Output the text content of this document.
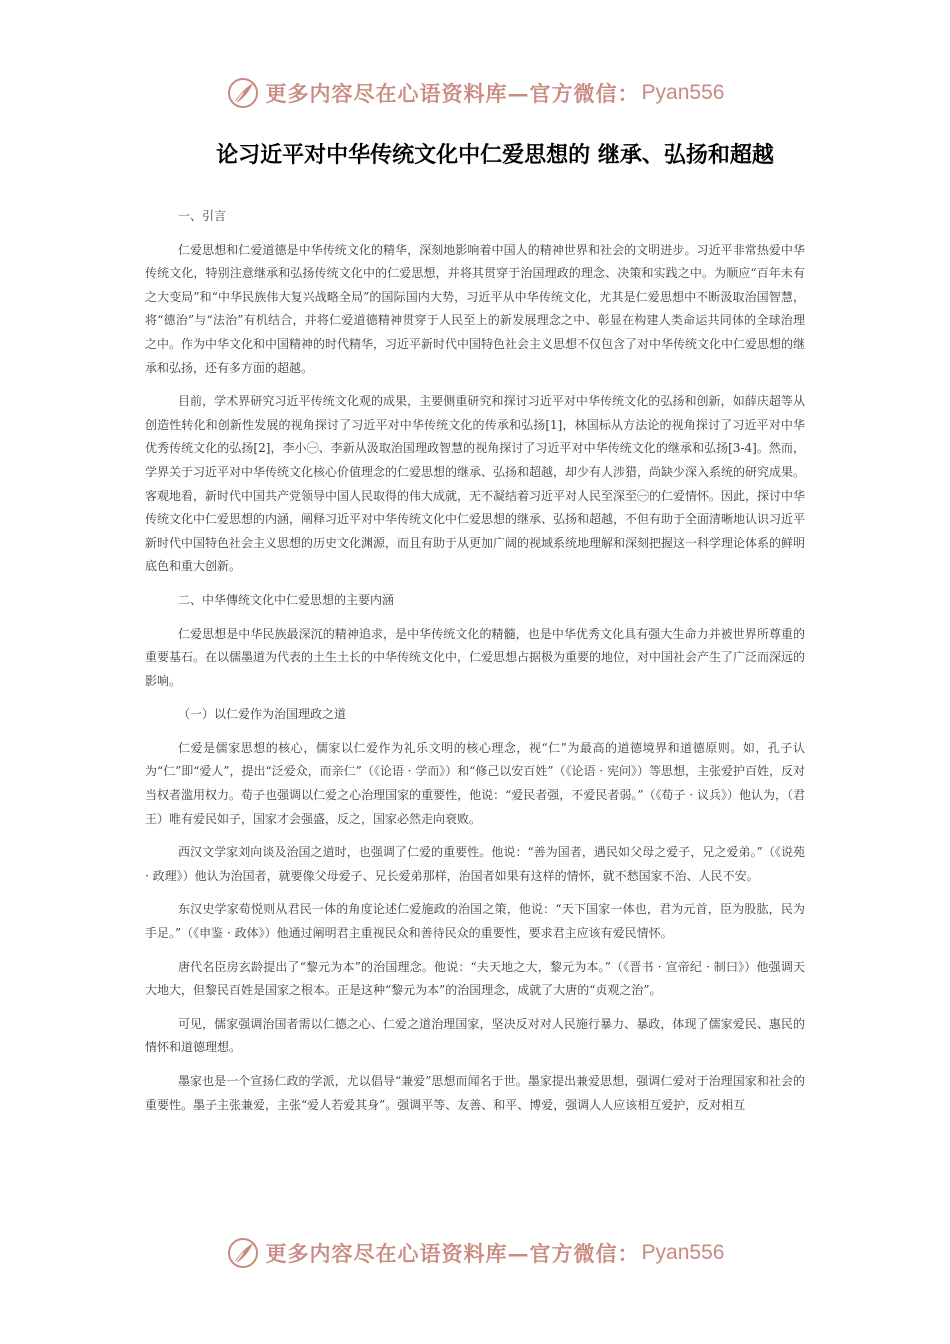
更多内容尽在心语资料库—官方微信： Pyan556
论习近平对中华传统文化中仁爱思想的 继承、弘扬和超越

一、引言

仁爱思想和仁爱道德是中华传统文化的精华，深刻地影响着中国人的精神世界和社会的文明进步。习近平非常热爱中华传统文化，特别注意继承和弘扬传统文化中的仁爱思想，并将其贯穿于治国理政的理念、决策和实践之中。为顺应“百年未有之大变局”和“中华民族伟大复兴战略全局”的国际国内大势，习近平从中华传统文化，尤其是仁爱思想中不断汲取治国智慧，将“德治”与“法治”有机结合，并将仁爱道德精神贯穿于人民至上的新发展理念之中、彰显在构建人类命运共同体的全球治理之中。作为中华文化和中国精神的时代精华，习近平新时代中国特色社会主义思想不仅包含了对中华传统文化中仁爱思想的继承和弘扬，还有多方面的超越。

目前，学术界研究习近平传统文化观的成果，主要侧重研究和探讨习近平对中华传统文化的弘扬和创新，如薛庆超等从创造性转化和创新性发展的视角探讨了习近平对中华传统文化的传承和弘扬[1]，林国标从方法论的视角探讨了习近平对中华优秀传统文化的弘扬[2]，李小㊀、李新从汲取治国理政智慧的视角探讨了习近平对中华传统文化的继承和弘扬[3-4]。然而，学界关于习近平对中华传统文化核心价值理念的仁爱思想的继承、弘扬和超越，却少有人涉猎，尚缺少深入系统的研究成果。客观地看，新时代中国共产党领导中国人民取得的伟大成就，无不凝结着习近平对人民至深至㊀的仁爱情怀。因此，探讨中华传统文化中仁爱思想的内涵，阐释习近平对中华传统文化中仁爱思想的继承、弘扬和超越，不但有助于全面清晰地认识习近平新时代中国特色社会主义思想的历史文化渊源，而且有助于从更加广阔的视域系统地理解和深刻把握这一科学理论体系的鲜明底色和重大创新。

二、中华傳统文化中仁爱思想的主要内涵

仁爱思想是中华民族最深沉的精神追求，是中华传统文化的精髓，也是中华优秀文化具有强大生命力并被世界所尊重的重要基石。在以儒墨道为代表的土生土长的中华传统文化中，仁爱思想占据极为重要的地位，对中国社会产生了广泛而深远的影响。

（一）以仁爱作为治国理政之道

仁爱是儒家思想的核心，儒家以仁爱作为礼乐文明的核心理念，视“仁”为最高的道德境界和道德原则。如，孔子认为“仁”即“爱人”，提出“泛爱众，而亲仁”（《论语 · 学而》）和“修己以安百姓”（《论语 · 宪问》）等思想，主张爱护百姓，反对当权者滥用权力。荀子也强调以仁爱之心治理国家的重要性，他说：“爱民者强，不爱民者弱。”（《荀子 · 议兵》）他认为，（君王）唯有爱民如子，国家才会强盛，反之，国家必然走向衰败。

西汉文学家刘向谈及治国之道时，也强调了仁爱的重要性。他说：“善为国者，遇民如父母之爱子，兄之爱弟。”（《说苑 · 政理》）他认为治国者，就要像父母爱子、兄长爱弟那样，治国者如果有这样的情怀，就不愁国家不治、人民不安。

东汉史学家荀悦则从君民一体的角度论述仁爱施政的治国之策，他说：“天下国家一体也，君为元首，臣为股肱，民为手足。”（《申鉴 · 政体》）他通过阐明君主重视民众和善待民众的重要性，要求君主应该有爱民情怀。

唐代名臣房玄龄提出了“黎元为本”的治国理念。他说：“夫天地之大，黎元为本。”（《晋书 · 宣帝纪 · 制曰》）他强调天大地大，但黎民百姓是国家之根本。正是这种“黎元为本”的治国理念，成就了大唐的“贞观之治”。

可见，儒家强调治国者需以仁德之心、仁爱之道治理国家，坚决反对对人民施行暴力、暴政，体现了儒家爱民、惠民的情怀和道德理想。

墨家也是一个宣扬仁政的学派，尤以倡导“兼爱”思想而闻名于世。墨家提出兼爱思想，强调仁爱对于治理国家和社会的重要性。墨子主张兼爱，主张“爱人若爱其身”。强调平等、友善、和平、博爱，强调人人应该相互爱护，反对相互

更多内容尽在心语资料库—官方微信： Pyan556
